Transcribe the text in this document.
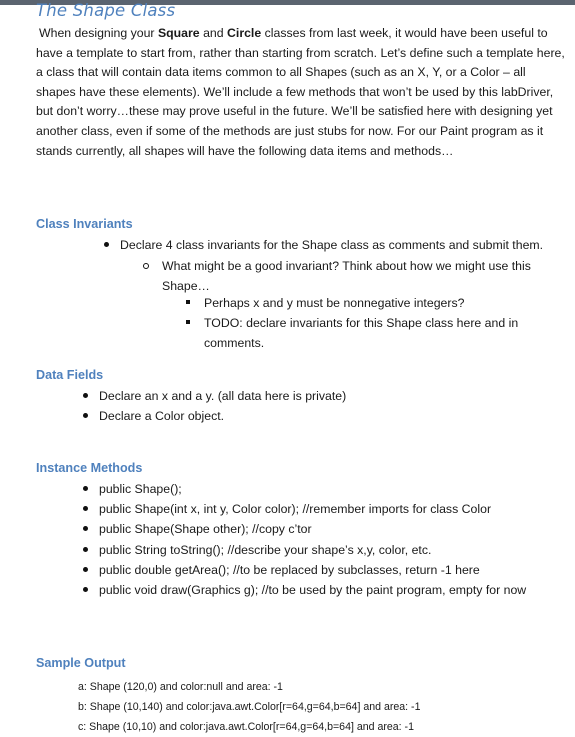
The Shape Class

When designing your Square and Circle classes from last week, it would have been useful to have a template to start from, rather than starting from scratch. Let’s define such a template here, a class that will contain data items common to all Shapes (such as an X, Y, or a Color – all shapes have these elements). We’ll include a few methods that won’t be used by this labDriver, but don’t worry…these may prove useful in the future. We’ll be satisfied here with designing yet another class, even if some of the methods are just stubs for now. For our Paint program as it stands currently, all shapes will have the following data items and methods…

Class Invariants
Declare 4 class invariants for the Shape class as comments and submit them.
What might be a good invariant? Think about how we might use this Shape…
Perhaps x and y must be nonnegative integers?
TODO: declare invariants for this Shape class here and in comments.
Data Fields
Declare an x and a y. (all data here is private)
Declare a Color object.
Instance Methods
public Shape();
public Shape(int x, int y, Color color); //remember imports for class Color
public Shape(Shape other); //copy c’tor
public String toString(); //describe your shape’s x,y, color, etc.
public double getArea(); //to be replaced by subclasses, return -1 here
public void draw(Graphics g); //to be used by the paint program, empty for now
Sample Output

a: Shape (120,0) and color:null and area: -1

b: Shape (10,140) and color:java.awt.Color[r=64,g=64,b=64] and area: -1

c: Shape (10,10) and color:java.awt.Color[r=64,g=64,b=64] and area: -1
